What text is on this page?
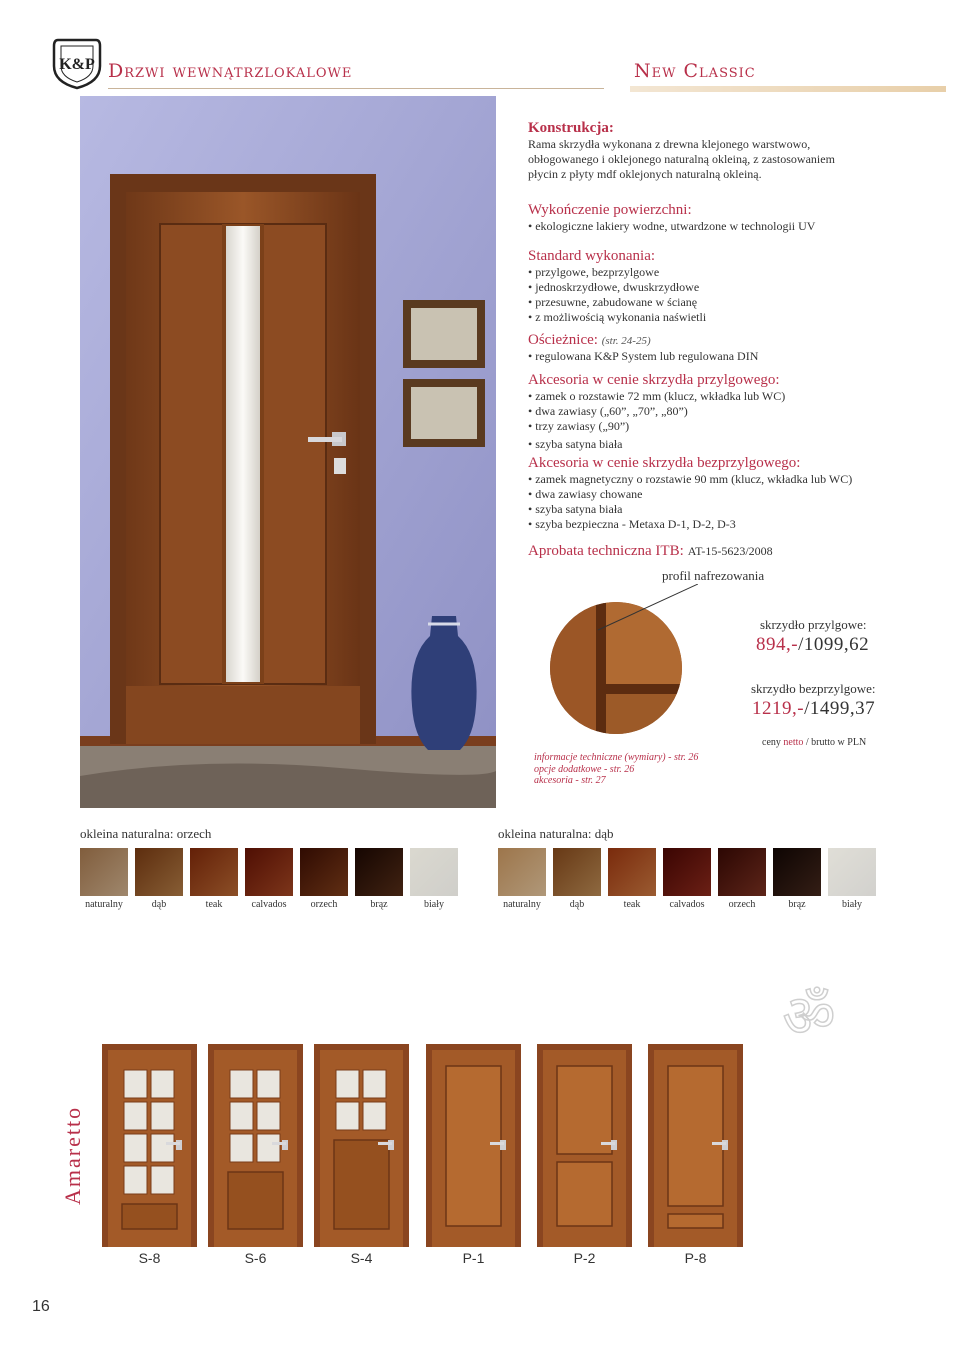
K&P Drzwi wewnątrzlokalowe	New Classic

Konstrukcja:

Rama skrzydła wykonana z drewna klejonego warstwowo,

obłogowanego i oklejonego naturalną okleiną, z zastosowaniem

płycin z płyty mdf oklejonych naturalną okleiną.

Wykończenie powierzchni:

• ekologiczne lakiery wodne, utwardzone w technologii UV

Standard wykonania:

• przylgowe, bezprzylgowe

• jednoskrzydłowe, dwuskrzydłowe

• przesuwne, zabudowane w ścianę

• z możliwością wykonania naświetli

Ościeżnice: (str. 24-25)

• regulowana K&P System lub regulowana DIN

Akcesoria w cenie skrzydła przylgowego:

• zamek o rozstawie 72 mm (klucz, wkładka lub WC)

• dwa zawiasy („60”, „70”, „80”)

• trzy zawiasy („90”)

• szyba satyna biała

Akcesoria w cenie skrzydła bezprzylgowego:

• zamek magnetyczny o rozstawie 90 mm (klucz, wkładka lub WC)

• dwa zawiasy chowane

• szyba satyna biała

• szyba bezpieczna - Metaxa D-1, D-2, D-3

Aprobata techniczna ITB: AT-15-5623/2008
profil nafrezowania
skrzydło przylgowe:
894,-/1099,62
skrzydło bezprzylgowe:
1219,-/1499,37
ceny netto / brutto w PLN
informacje techniczne (wymiary) - str. 26
opcje dodatkowe - str. 26
akcesoria - str. 27
okleina naturalna: orzech	okleina naturalna: dąb
naturalny	dąb	teak	calvados	orzech	brąz	biały	naturalny	dąb	teak	calvados	orzech	brąz	biały
ॐ
Amaretto
S-8	S-6	S-4	P-1	P-2	P-8
16
